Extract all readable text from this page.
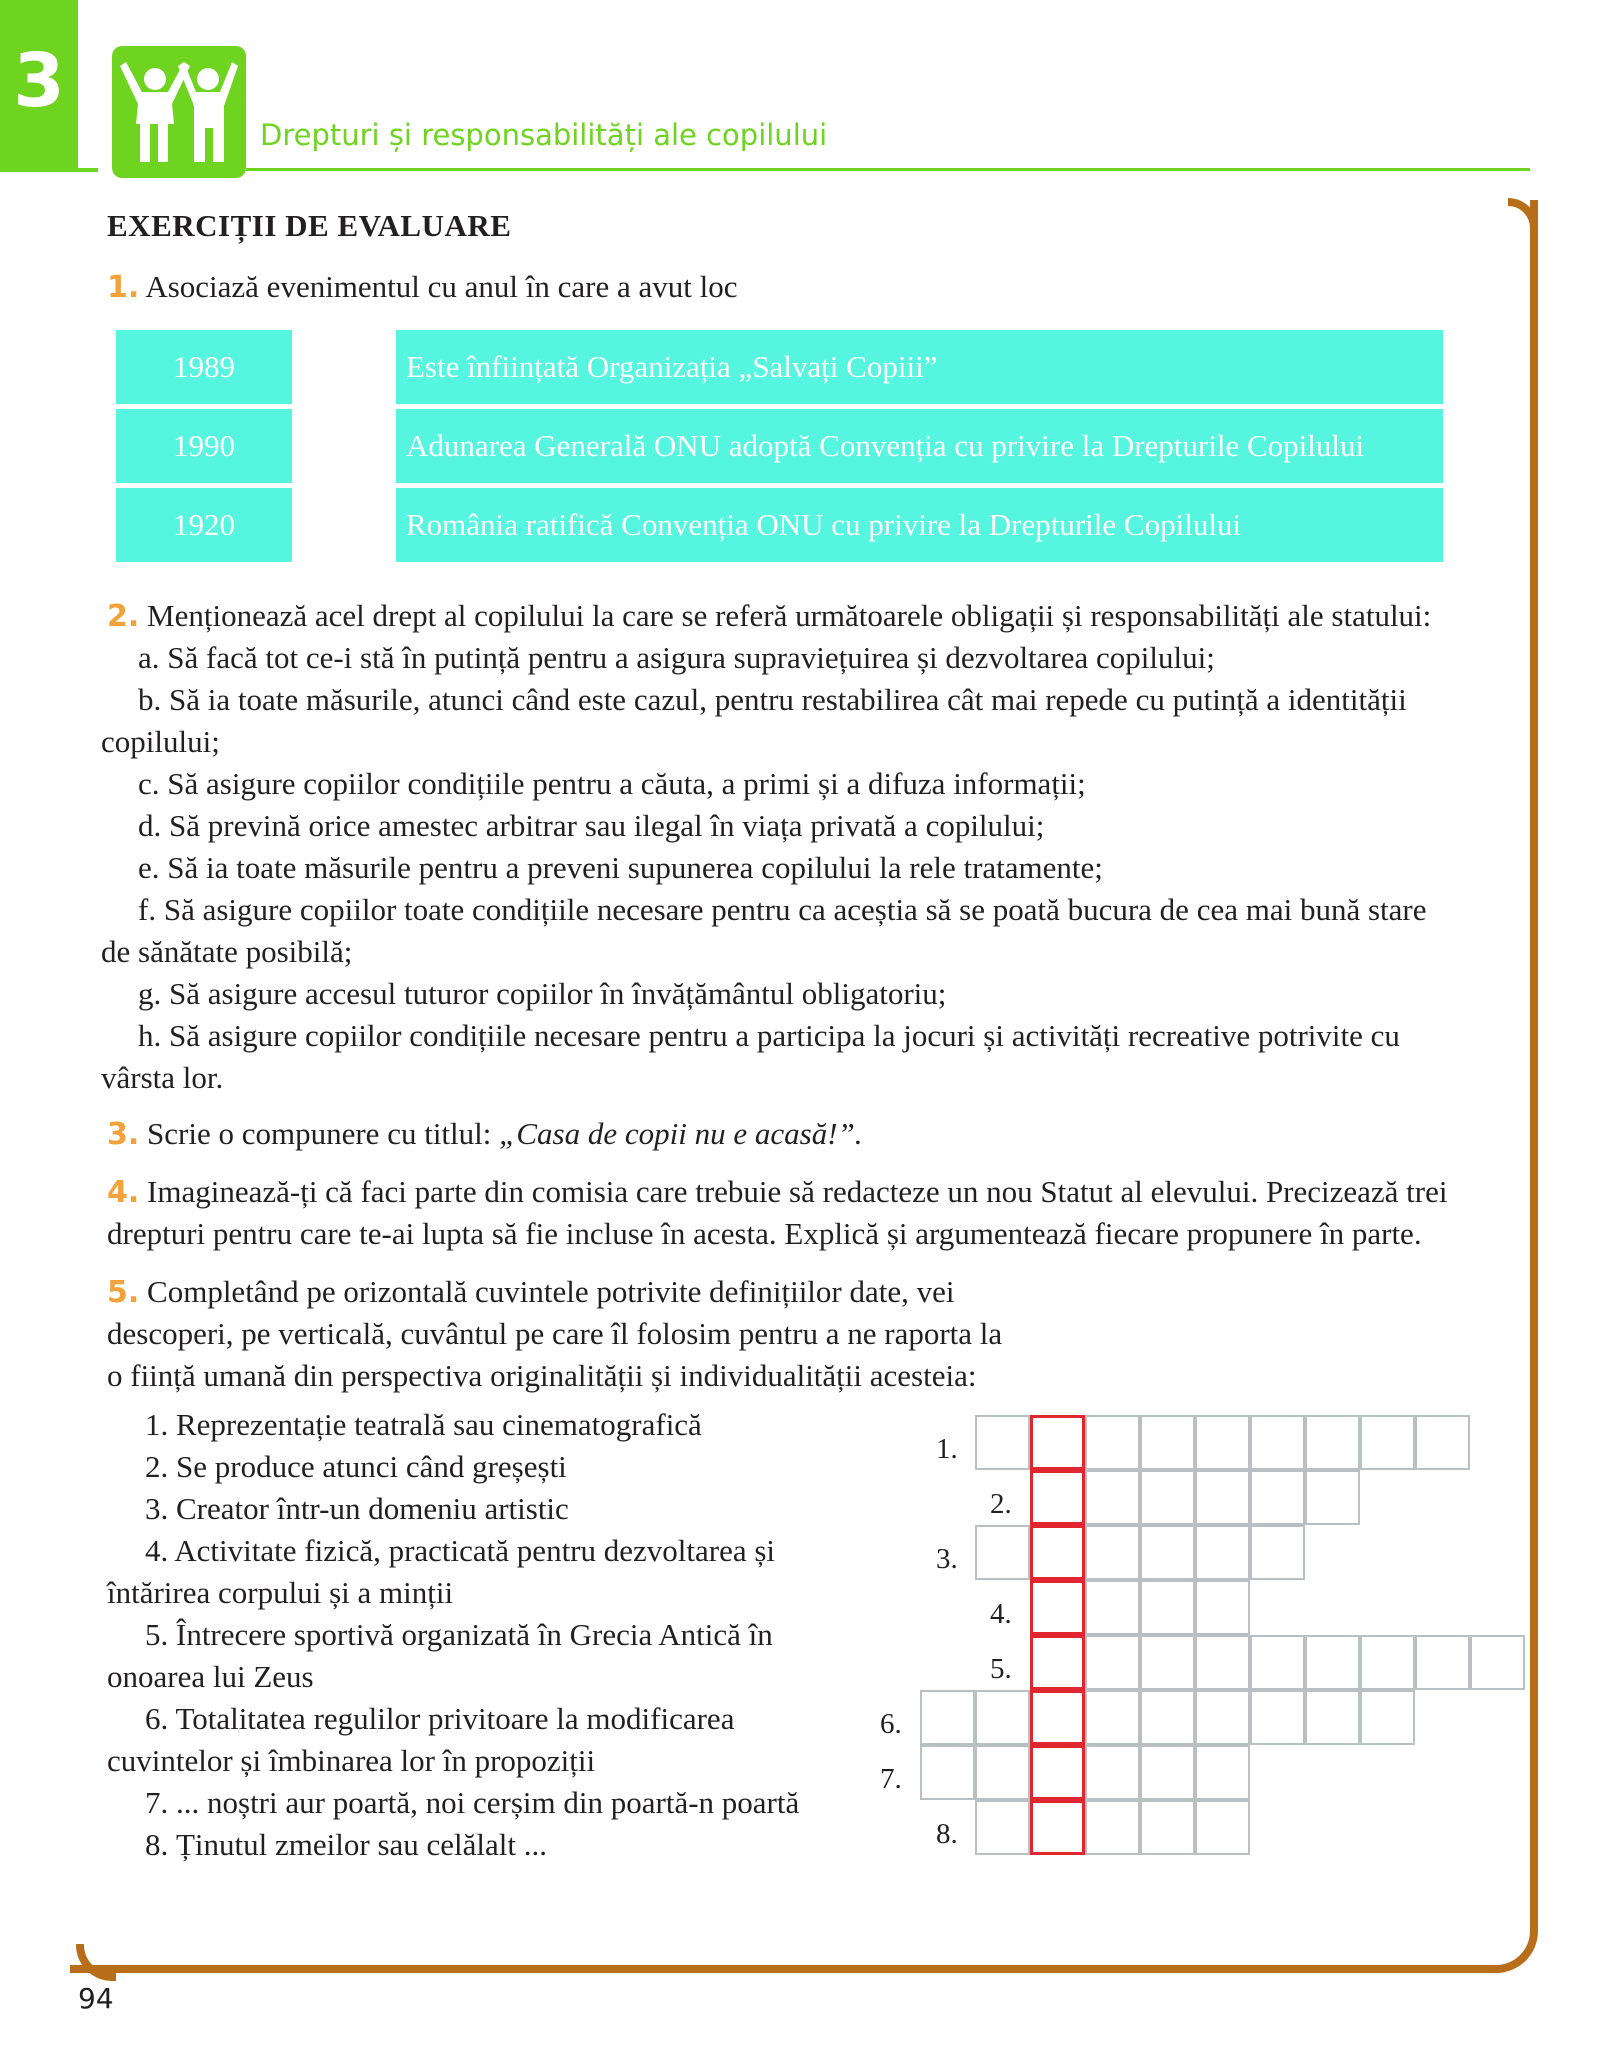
3
Drepturi și responsabilități ale copilului
EXERCIȚII DE EVALUARE
1. Asociază evenimentul cu anul în care a avut loc
1989
1990
1920
Este înființată Organizația „Salvați Copiii”
Adunarea Generală ONU adoptă Convenția cu privire la Drepturile Copilului
România ratifică Convenția ONU cu privire la Drepturile Copilului
2. Menționează acel drept al copilului la care se referă următoarele obligații și responsabilități ale statului:
a. Să facă tot ce-i stă în putință pentru a asigura supraviețuirea și dezvoltarea copilului;
b. Să ia toate măsurile, atunci când este cazul, pentru restabilirea cât mai repede cu putință a identității
copilului;
c. Să asigure copiilor condițiile pentru a căuta, a primi și a difuza informații;
d. Să prevină orice amestec arbitrar sau ilegal în viața privată a copilului;
e. Să ia toate măsurile pentru a preveni supunerea copilului la rele tratamente;
f. Să asigure copiilor toate condițiile necesare pentru ca aceștia să se poată bucura de cea mai bună stare
de sănătate posibilă;
g. Să asigure accesul tuturor copiilor în învățământul obligatoriu;
h. Să asigure copiilor condițiile necesare pentru a participa la jocuri și activități recreative potrivite cu
vârsta lor.
3. Scrie o compunere cu titlul: „Casa de copii nu e acasă!”.
4. Imaginează-ți că faci parte din comisia care trebuie să redacteze un nou Statut al elevului. Precizează trei
drepturi pentru care te-ai lupta să fie incluse în acesta. Explică și argumentează fiecare propunere în parte.
5. Completând pe orizontală cuvintele potrivite definițiilor date, vei
descoperi, pe verticală, cuvântul pe care îl folosim pentru a ne raporta la
o ființă umană din perspectiva originalității și individualității acesteia:
1. Reprezentație teatrală sau cinematografică
2. Se produce atunci când greșești
3. Creator într-un domeniu artistic
4. Activitate fizică, practicată pentru dezvoltarea și
întărirea corpului și a minții
5. Întrecere sportivă organizată în Grecia Antică în
onoarea lui Zeus
6. Totalitatea regulilor privitoare la modificarea
cuvintelor și îmbinarea lor în propoziții
7. ... noștri aur poartă, noi cerșim din poartă-n poartă
8. Ținutul zmeilor sau celălalt ...
1.
2.
3.
4.
5.
6.
7.
8.
94
